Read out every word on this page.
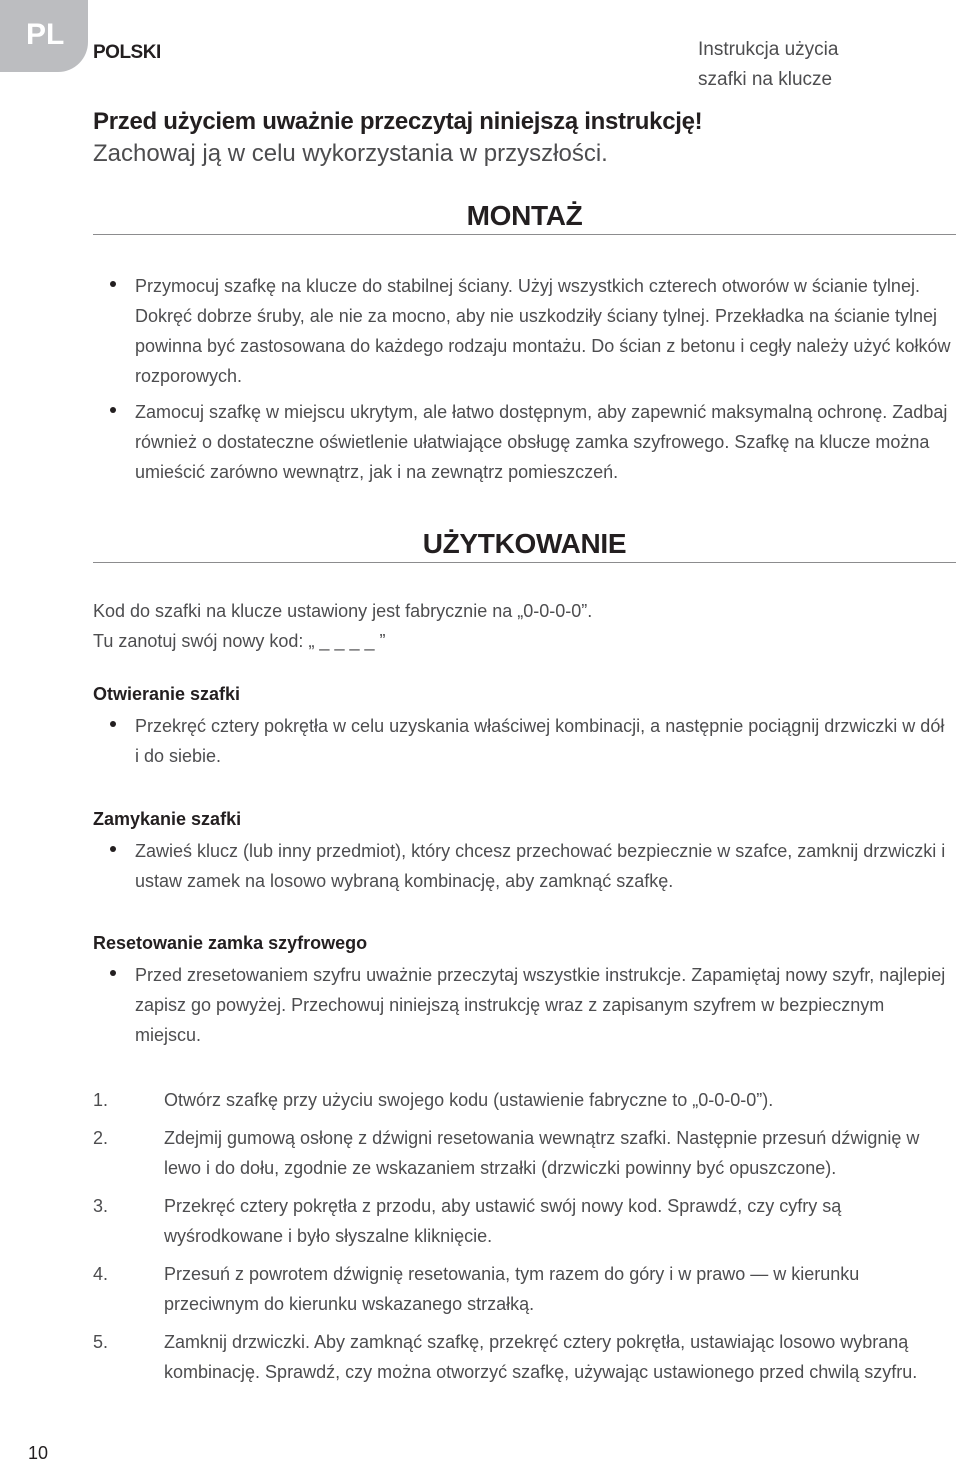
PL
POLSKI	Instrukcja użycia
szafki na klucze
Przed użyciem uważnie przeczytaj niniejszą instrukcję!
Zachowaj ją w celu wykorzystania w przyszłości.
MONTAŻ
Przymocuj szafkę na klucze do stabilnej ściany. Użyj wszystkich czterech otworów w ścianie tylnej. Dokręć dobrze śruby, ale nie za mocno, aby nie uszkodziły ściany tylnej. Przekładka na ścianie tylnej powinna być zastosowana do każdego rodzaju montażu. Do ścian z betonu i cegły należy użyć kołków rozporowych.
Zamocuj szafkę w miejscu ukrytym, ale łatwo dostępnym, aby zapewnić maksymalną ochronę. Zadbaj również o dostateczne oświetlenie ułatwiające obsługę zamka szyfrowego. Szafkę na klucze można umieścić zarówno wewnątrz, jak i na zewnątrz pomieszczeń.
UŻYTKOWANIE
Kod do szafki na klucze ustawiony jest fabrycznie na „0-0-0-0”.
Tu zanotuj swój nowy kod: „ _ _ _ _ ”
Otwieranie szafki
Przekręć cztery pokrętła w celu uzyskania właściwej kombinacji, a następnie pociągnij drzwiczki w dół i do siebie.
Zamykanie szafki
Zawieś klucz (lub inny przedmiot), który chcesz przechować bezpiecznie w szafce, zamknij drzwiczki i ustaw zamek na losowo wybraną kombinację, aby zamknąć szafkę.
Resetowanie zamka szyfrowego
Przed zresetowaniem szyfru uważnie przeczytaj wszystkie instrukcje. Zapamiętaj nowy szyfr, najlepiej zapisz go powyżej. Przechowuj niniejszą instrukcję wraz z zapisanym szyfrem w bezpiecznym miejscu.
1.	Otwórz szafkę przy użyciu swojego kodu (ustawienie fabryczne to „0-0-0-0”).
2.	Zdejmij gumową osłonę z dźwigni resetowania wewnątrz szafki. Następnie przesuń dźwignię w lewo i do dołu, zgodnie ze wskazaniem strzałki (drzwiczki powinny być opuszczone).
3.	Przekręć cztery pokrętła z przodu, aby ustawić swój nowy kod. Sprawdź, czy cyfry są wyśrodkowane i było słyszalne kliknięcie.
4.	Przesuń z powrotem dźwignię resetowania, tym razem do góry i w prawo — w kierunku przeciwnym do kierunku wskazanego strzałką.
5.	Zamknij drzwiczki. Aby zamknąć szafkę, przekręć cztery pokrętła, ustawiając losowo wybraną kombinację. Sprawdź, czy można otworzyć szafkę, używając ustawionego przed chwilą szyfru.
10
